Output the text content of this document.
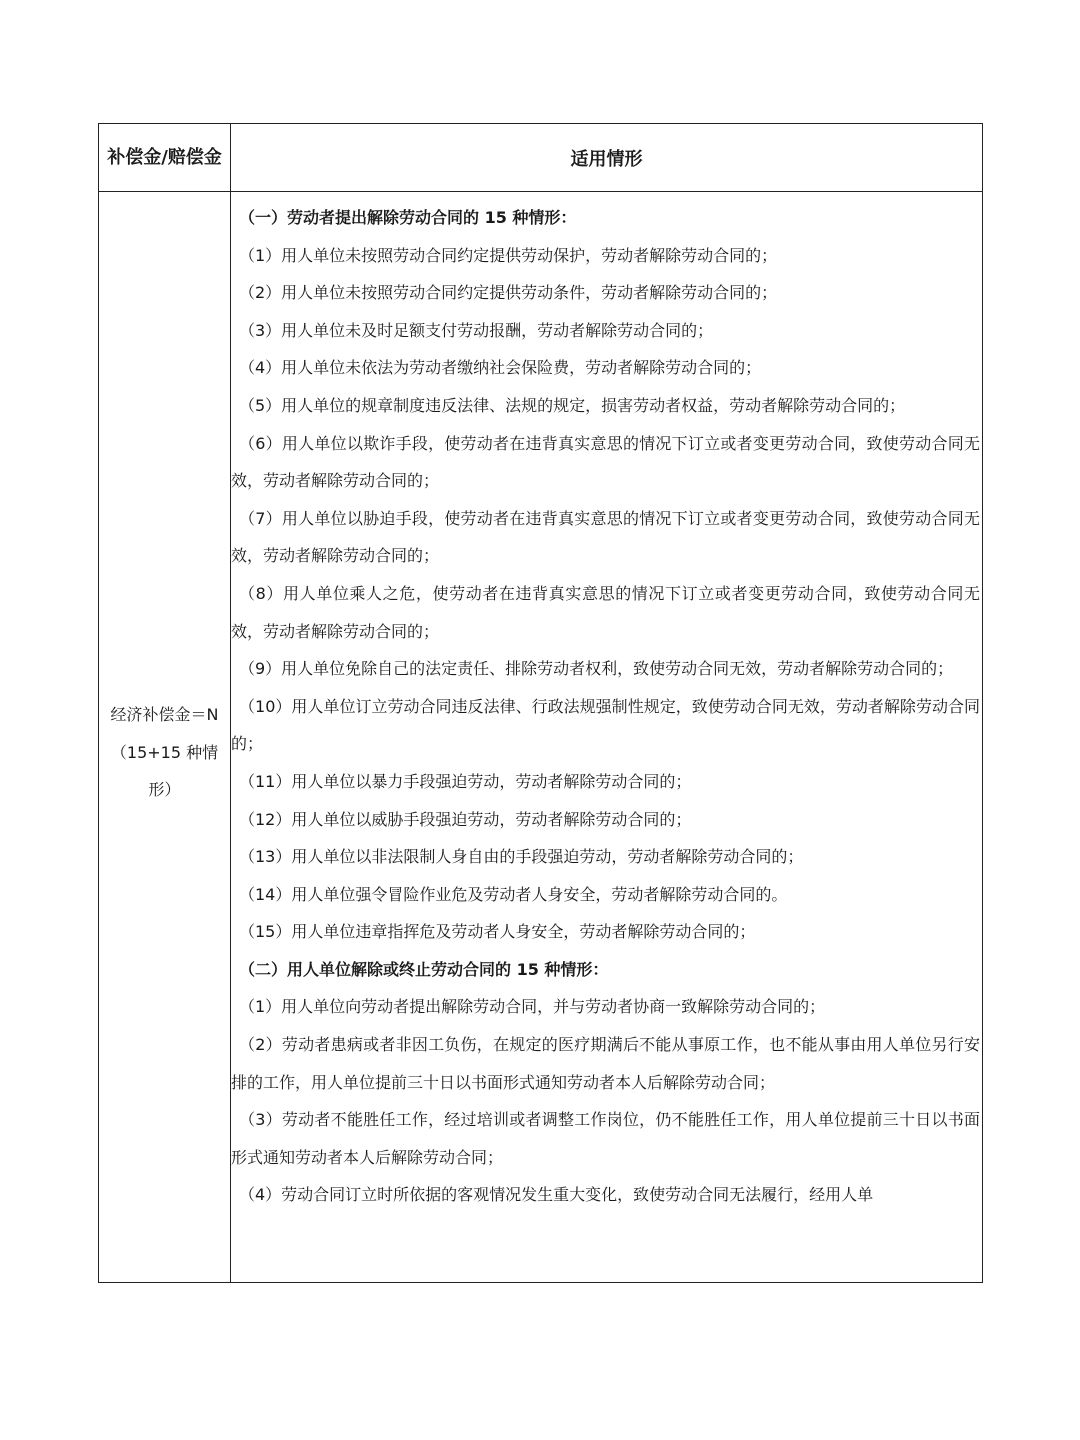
补偿金/赔偿金	适用情形
经济补偿金＝N（15+15 种情形）

（一）劳动者提出解除劳动合同的 15 种情形：

（1）用人单位未按照劳动合同约定提供劳动保护，劳动者解除劳动合同的；

（2）用人单位未按照劳动合同约定提供劳动条件，劳动者解除劳动合同的；

（3）用人单位未及时足额支付劳动报酬，劳动者解除劳动合同的；

（4）用人单位未依法为劳动者缴纳社会保险费，劳动者解除劳动合同的；

（5）用人单位的规章制度违反法律、法规的规定，损害劳动者权益，劳动者解除劳动合同的；

（6）用人单位以欺诈手段，使劳动者在违背真实意思的情况下订立或者变更劳动合同，致使劳动合同无效，劳动者解除劳动合同的；

（7）用人单位以胁迫手段，使劳动者在违背真实意思的情况下订立或者变更劳动合同，致使劳动合同无效，劳动者解除劳动合同的；

（8）用人单位乘人之危，使劳动者在违背真实意思的情况下订立或者变更劳动合同，致使劳动合同无效，劳动者解除劳动合同的；

（9）用人单位免除自己的法定责任、排除劳动者权利，致使劳动合同无效，劳动者解除劳动合同的；

（10）用人单位订立劳动合同违反法律、行政法规强制性规定，致使劳动合同无效，劳动者解除劳动合同的；

（11）用人单位以暴力手段强迫劳动，劳动者解除劳动合同的；

（12）用人单位以威胁手段强迫劳动，劳动者解除劳动合同的；

（13）用人单位以非法限制人身自由的手段强迫劳动，劳动者解除劳动合同的；

（14）用人单位强令冒险作业危及劳动者人身安全，劳动者解除劳动合同的。

（15）用人单位违章指挥危及劳动者人身安全，劳动者解除劳动合同的；

（二）用人单位解除或终止劳动合同的 15 种情形：

（1）用人单位向劳动者提出解除劳动合同，并与劳动者协商一致解除劳动合同的；

（2）劳动者患病或者非因工负伤，在规定的医疗期满后不能从事原工作，也不能从事由用人单位另行安排的工作，用人单位提前三十日以书面形式通知劳动者本人后解除劳动合同；

（3）劳动者不能胜任工作，经过培训或者调整工作岗位，仍不能胜任工作，用人单位提前三十日以书面形式通知劳动者本人后解除劳动合同；

（4）劳动合同订立时所依据的客观情况发生重大变化，致使劳动合同无法履行，经用人单
